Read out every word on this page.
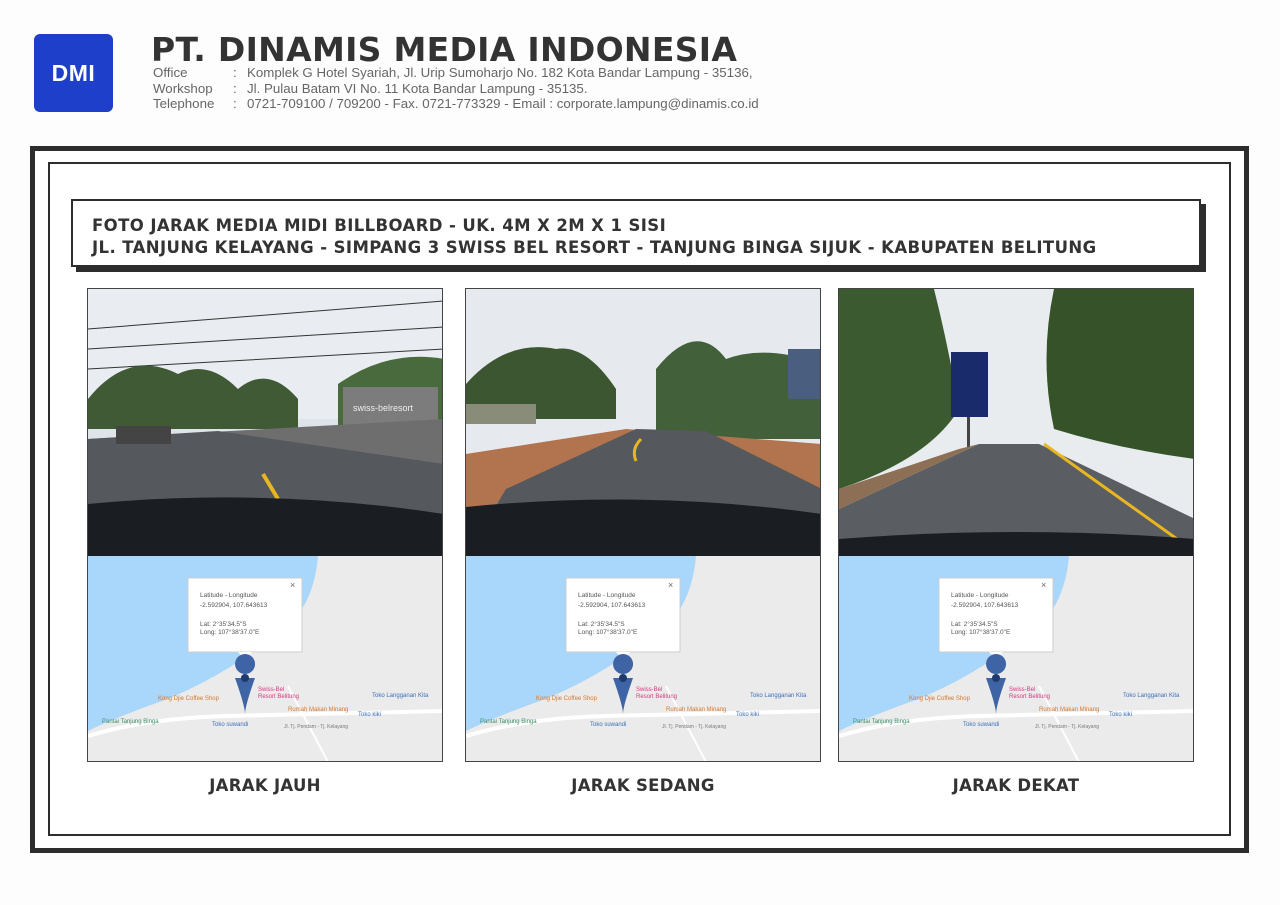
DMI
PT. DINAMIS MEDIA INDONESIA
Office	: Komplek G Hotel Syariah, Jl. Urip Sumoharjo No. 182 Kota Bandar Lampung - 35136,
Workshop	: Jl. Pulau Batam VI No. 11 Kota Bandar Lampung - 35135.
Telephone	: 0721-709100 / 709200 - Fax. 0721-773329 - Email : corporate.lampung@dinamis.co.id
FOTO JARAK MEDIA MIDI BILLBOARD - UK. 4M X 2M X 1 SISI
JL. TANJUNG KELAYANG - SIMPANG 3 SWISS BEL RESORT - TANJUNG BINGA SIJUK - KABUPATEN BELITUNG
swiss-belresort
Latitude - Longitude
-2.592904, 107.643613
Lat: 2°35'34.5"S
Long: 107°38'37.0"E
×
Swiss-Bel
Resort Belitung
Kong Djie Coffee Shop
Rumah Makan Minang
Toko Langganan Kita
Toko kiki
Toko suwandi
Pantai Tanjung Binga
Jl. Tj. Pendam - Tj. Kelayang
Latitude - Longitude
-2.592904, 107.643613
Lat: 2°35'34.5"S
Long: 107°38'37.0"E
×
Swiss-Bel
Resort Belitung
Kong Djie Coffee Shop
Rumah Makan Minang
Toko Langganan Kita
Toko kiki
Toko suwandi
Pantai Tanjung Binga
Jl. Tj. Pendam - Tj. Kelayang
Latitude - Longitude
-2.592904, 107.643613
Lat: 2°35'34.5"S
Long: 107°38'37.0"E
×
Swiss-Bel
Resort Belitung
Kong Djie Coffee Shop
Rumah Makan Minang
Toko Langganan Kita
Toko kiki
Toko suwandi
Pantai Tanjung Binga
Jl. Tj. Pendam - Tj. Kelayang
JARAK JAUH	JARAK SEDANG	JARAK DEKAT
